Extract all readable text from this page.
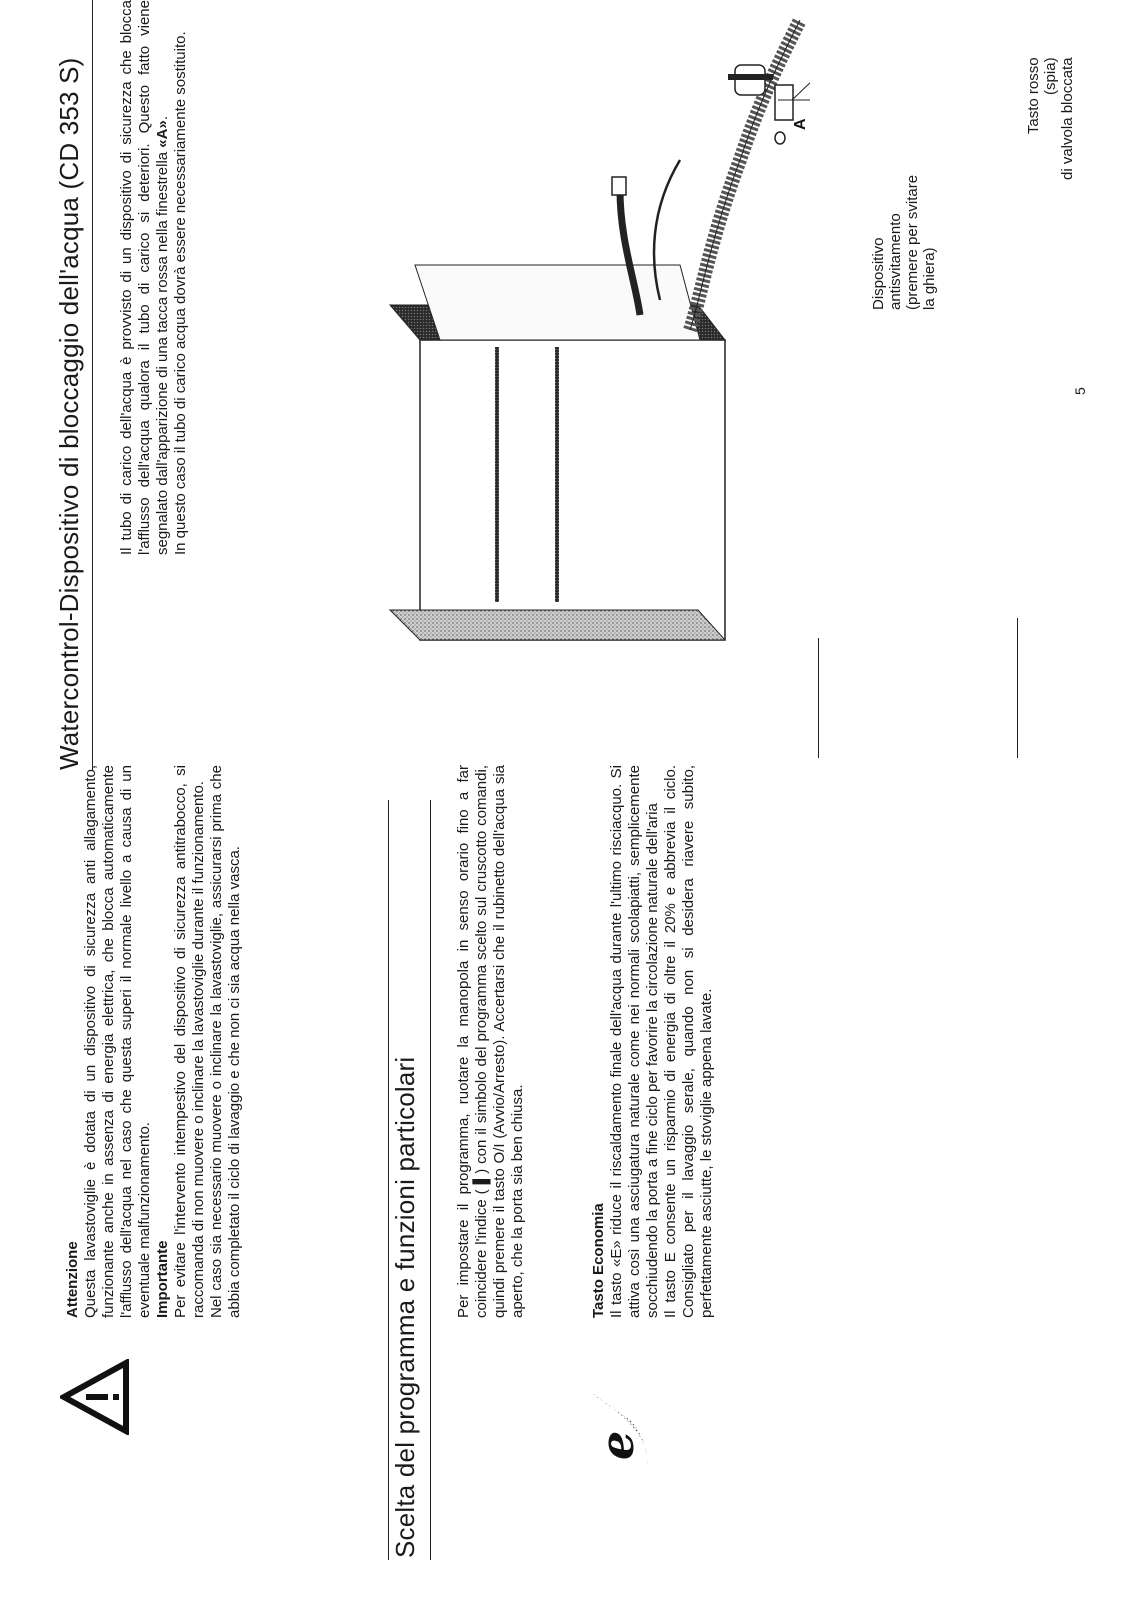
Attenzione Questa lavastoviglie è dotata di un dispositivo di sicurezza anti allagamento, funzionante anche in assenza di energia elettrica, che blocca automaticamente l'afflusso dell'acqua nel caso che questa superi il normale livello a causa di un eventuale malfunzionamento. Importante Per evitare l'intervento intempestivo del dispositivo di sicurezza antitrabocco, si raccomanda di non muovere o inclinare la lavastoviglie durante il funzionamento. Nel caso sia necessario muovere o inclinare la lavastoviglie, assicurarsi prima che abbia completato il ciclo di lavaggio e che non ci sia acqua nella vasca.	Scelta del programma e funzioni particolari Per impostare il programma, ruotare la manopola in senso orario fino a far coincidere l'indice ( ▌) con il simbolo del programma scelto sul cruscotto comandi, quindi premere il tasto O/I (Avvio/Arresto). Accertarsi che il rubinetto dell'acqua sia aperto, che la porta sia ben chiusa.

e

Tasto Economia Il tasto «E» riduce il riscaldamento finale dell'acqua durante l'ultimo risciacquo. Si attiva così una asciugatura naturale come nei normali scolapiatti, semplicemente socchiudendo la porta a fine ciclo per favorire la circolazione naturale dell'aria Il tasto E consente un risparmio di energia di oltre il 20% e abbrevia il ciclo. Consigliato per il lavaggio serale, quando non si desidera riavere subito, perfettamente asciutte, le stoviglie appena lavate.

Watercontrol-Dispositivo di bloccaggio dell'acqua (CD 353 S) Il tubo di carico dell'acqua è provvisto di un dispositivo di sicurezza che blocca l'afflusso dell'acqua qualora il tubo di carico si deteriori. Questo fatto viene segnalato dall'apparizione di una tacca rossa nella finestrella «A». In questo caso il tubo di carico acqua dovrà essere necessariamente sostituito.	A
Dispositivo antisvitamento (premere per svitare la ghiera)
Tasto rosso (spia) di valvola bloccata
5
